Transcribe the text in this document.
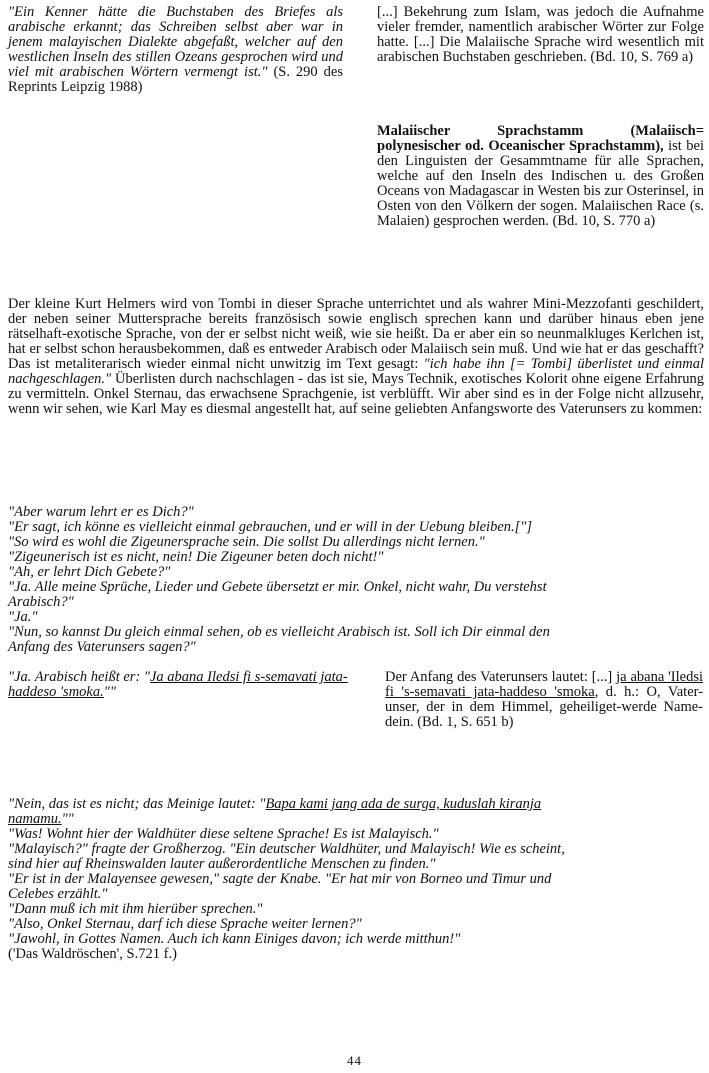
"Ein Kenner hätte die Buchstaben des Briefes als arabische erkannt; das Schreiben selbst aber war in jenem malayischen Dialekte abgefaßt, welcher auf den westlichen Inseln des stillen Ozeans gesprochen wird und viel mit arabischen Wörtern vermengt ist." (S. 290 des Reprints Leipzig 1988)
[...] Bekehrung zum Islam, was jedoch die Aufnahme vieler fremder, namentlich arabischer Wörter zur Folge hatte. [...] Die Malaiische Sprache wird wesentlich mit arabischen Buchstaben geschrieben. (Bd. 10, S. 769 a)
Malaiischer Sprachstamm (Malaiisch= polynesischer od. Oceanischer Sprachstamm), ist bei den Linguisten der Gesammtname für alle Sprachen, welche auf den Inseln des Indischen u. des Großen Oceans von Madagascar in Westen bis zur Osterinsel, in Osten von den Völkern der sogen. Malaiischen Race (s. Malaien) gesprochen werden. (Bd. 10, S. 770 a)
Der kleine Kurt Helmers wird von Tombi in dieser Sprache unterrichtet und als wahrer Mini-Mezzofanti geschildert, der neben seiner Muttersprache bereits französisch sowie englisch sprechen kann und darüber hinaus eben jene rätselhaft-exotische Sprache, von der er selbst nicht weiß, wie sie heißt. Da er aber ein so neunmalkluges Kerlchen ist, hat er selbst schon herausbekommen, daß es entweder Arabisch oder Malaiisch sein muß. Und wie hat er das geschafft? Das ist metaliterarisch wieder einmal nicht unwitzig im Text gesagt: "ich habe ihn [= Tombi] überlistet und einmal nachgeschlagen." Überlisten durch nachschlagen - das ist sie, Mays Technik, exotisches Kolorit ohne eigene Erfahrung zu vermitteln. Onkel Sternau, das erwachsene Sprachgenie, ist verblüfft. Wir aber sind es in der Folge nicht allzusehr, wenn wir sehen, wie Karl May es diesmal angestellt hat, auf seine geliebten Anfangsworte des Vaterunsers zu kommen:

"Aber warum lehrt er es Dich?"

"Er sagt, ich könne es vielleicht einmal gebrauchen, und er will in der Uebung bleiben.["]

"So wird es wohl die Zigeunersprache sein. Die sollst Du allerdings nicht lernen."

"Zigeunerisch ist es nicht, nein! Die Zigeuner beten doch nicht!"

"Ah, er lehrt Dich Gebete?"

"Ja. Alle meine Sprüche, Lieder und Gebete übersetzt er mir. Onkel, nicht wahr, Du verstehst Arabisch?"

"Ja."

"Nun, so kannst Du gleich einmal sehen, ob es vielleicht Arabisch ist. Soll ich Dir einmal den Anfang des Vaterunsers sagen?"

"Ja. Arabisch heißt er: "Ja abana Iledsi fi s-semavati jata-haddeso 'smoka.""
Der Anfang des Vaterunsers lautet: [...] ja abana 'Iledsi fi 's-semavati jata-haddeso 'smoka, d. h.: O, Vater-unser, der in dem Himmel, geheiliget-werde Name-dein. (Bd. 1, S. 651 b)

"Nein, das ist es nicht; das Meinige lautet: "Bapa kami jang ada de surga, kuduslah kiranja namamu.""

"Was! Wohnt hier der Waldhüter diese seltene Sprache! Es ist Malayisch."

"Malayisch?" fragte der Großherzog. "Ein deutscher Waldhüter, und Malayisch! Wie es scheint, sind hier auf Rheinswalden lauter außerordentliche Menschen zu finden."

"Er ist in der Malayensee gewesen," sagte der Knabe. "Er hat mir von Borneo und Timur und Celebes erzählt."

"Dann muß ich mit ihm hierüber sprechen."

"Also, Onkel Sternau, darf ich diese Sprache weiter lernen?"

"Jawohl, in Gottes Namen. Auch ich kann Einiges davon; ich werde mitthun!"

('Das Waldröschen', S.721 f.)

44
